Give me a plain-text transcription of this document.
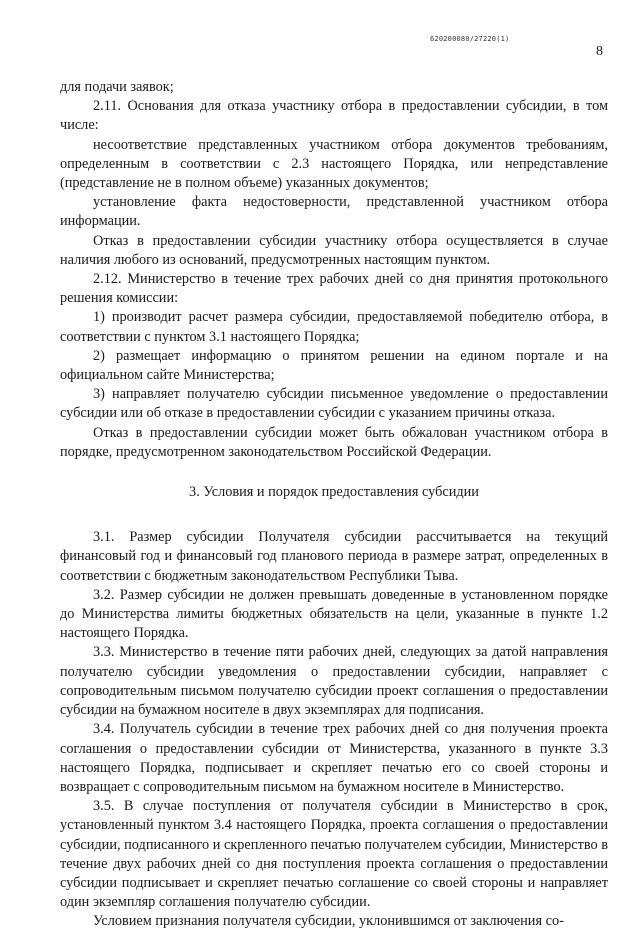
620200080/27220(1)
8

для подачи заявок;

2.11. Основания для отказа участнику отбора в предоставлении субсидии, в том числе:

несоответствие представленных участником отбора документов требованиям, определенным в соответствии с 2.3 настоящего Порядка, или непредставление (представление не в полном объеме) указанных документов;

установление факта недостоверности, представленной участником отбора информации.

Отказ в предоставлении субсидии участнику отбора осуществляется в случае наличия любого из оснований, предусмотренных настоящим пунктом.

2.12. Министерство в течение трех рабочих дней со дня принятия протокольного решения комиссии:

1) производит расчет размера субсидии, предоставляемой победителю отбора, в соответствии с пунктом 3.1 настоящего Порядка;

2) размещает информацию о принятом решении на едином портале и на официальном сайте Министерства;

3) направляет получателю субсидии письменное уведомление о предоставлении субсидии или об отказе в предоставлении субсидии с указанием причины отказа.

Отказ в предоставлении субсидии может быть обжалован участником отбора в порядке, предусмотренном законодательством Российской Федерации.

3. Условия и порядок предоставления субсидии

3.1. Размер субсидии Получателя субсидии рассчитывается на текущий финансовый год и финансовый год планового периода в размере затрат, определенных в соответствии с бюджетным законодательством Республики Тыва.

3.2. Размер субсидии не должен превышать доведенные в установленном порядке до Министерства лимиты бюджетных обязательств на цели, указанные в пункте 1.2 настоящего Порядка.

3.3. Министерство в течение пяти рабочих дней, следующих за датой направления получателю субсидии уведомления о предоставлении субсидии, направляет с сопроводительным письмом получателю субсидии проект соглашения о предоставлении субсидии на бумажном носителе в двух экземплярах для подписания.

3.4. Получатель субсидии в течение трех рабочих дней со дня получения проекта соглашения о предоставлении субсидии от Министерства, указанного в пункте 3.3 настоящего Порядка, подписывает и скрепляет печатью его со своей стороны и возвращает с сопроводительным письмом на бумажном носителе в Министерство.

3.5. В случае поступления от получателя субсидии в Министерство в срок, установленный пунктом 3.4 настоящего Порядка, проекта соглашения о предоставлении субсидии, подписанного и скрепленного печатью получателем субсидии, Министерство в течение двух рабочих дней со дня поступления проекта соглашения о предоставлении субсидии подписывает и скрепляет печатью соглашение со своей стороны и направляет один экземпляр соглашения получателю субсидии.

Условием признания получателя субсидии, уклонившимся от заключения со-
